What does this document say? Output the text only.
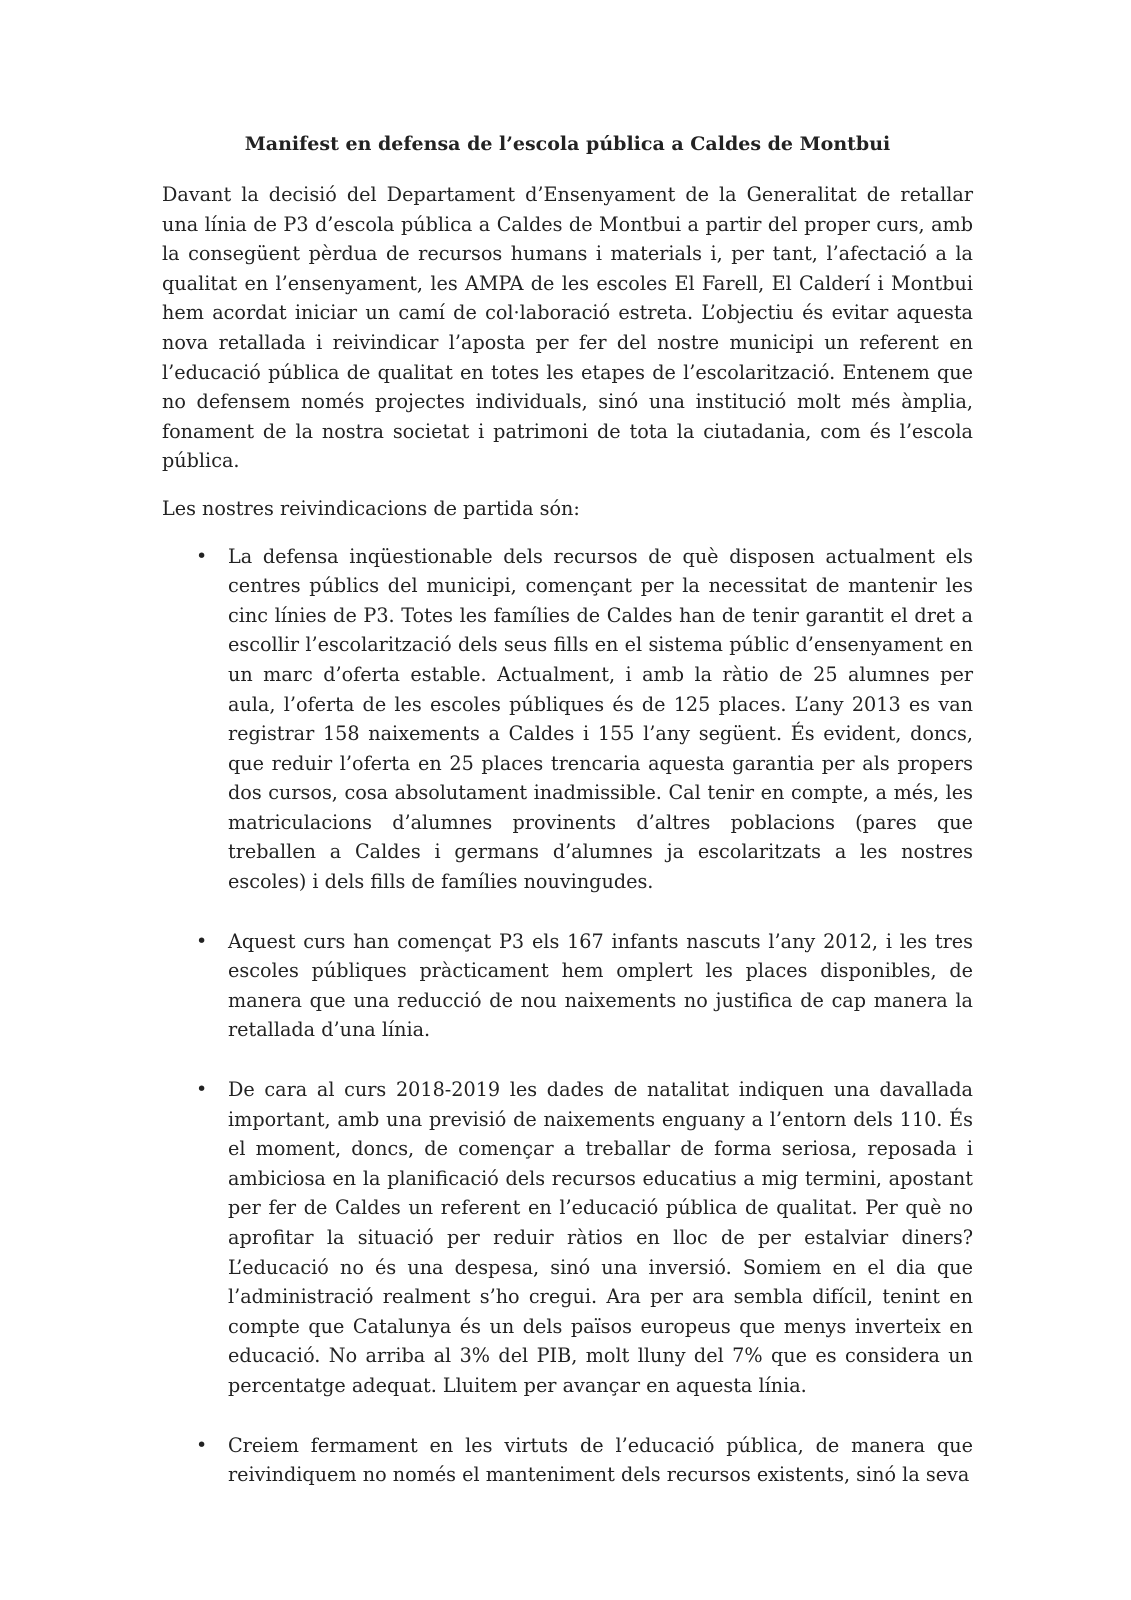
Manifest en defensa de l’escola pública a Caldes de Montbui

Davant la decisió del Departament d’Ensenyament de la Generalitat de retallar una línia de P3 d’escola pública a Caldes de Montbui a partir del proper curs, amb la consegüent pèrdua de recursos humans i materials i, per tant, l’afectació a la qualitat en l’ensenyament, les AMPA de les escoles El Farell, El Calderí i Montbui hem acordat iniciar un camí de col·laboració estreta. L’objectiu és evitar aquesta nova retallada i reivindicar l’aposta per fer del nostre municipi un referent en l’educació pública de qualitat en totes les etapes de l’escolarització. Entenem que no defensem només projectes individuals, sinó una institució molt més àmplia, fonament de la nostra societat i patrimoni de tota la ciutadania, com és l’escola pública.

Les nostres reivindicacions de partida són:

• La defensa inqüestionable dels recursos de què disposen actualment els centres públics del municipi, començant per la necessitat de mantenir les cinc línies de P3. Totes les famílies de Caldes han de tenir garantit el dret a escollir l’escolarització dels seus fills en el sistema públic d’ensenyament en un marc d’oferta estable. Actualment, i amb la ràtio de 25 alumnes per aula, l’oferta de les escoles públiques és de 125 places. L’any 2013 es van registrar 158 naixements a Caldes i 155 l’any següent. És evident, doncs, que reduir l’oferta en 25 places trencaria aquesta garantia per als propers dos cursos, cosa absolutament inadmissible. Cal tenir en compte, a més, les matriculacions d’alumnes provinents d’altres poblacions (pares que treballen a Caldes i germans d’alumnes ja escolaritzats a les nostres escoles) i dels fills de famílies nouvingudes.
• Aquest curs han començat P3 els 167 infants nascuts l’any 2012, i les tres escoles públiques pràcticament hem omplert les places disponibles, de manera que una reducció de nou naixements no justifica de cap manera la retallada d’una línia.
• De cara al curs 2018-2019 les dades de natalitat indiquen una davallada important, amb una previsió de naixements enguany a l’entorn dels 110. És el moment, doncs, de començar a treballar de forma seriosa, reposada i ambiciosa en la planificació dels recursos educatius a mig termini, apostant per fer de Caldes un referent en l’educació pública de qualitat. Per què no aprofitar la situació per reduir ràtios en lloc de per estalviar diners? L’educació no és una despesa, sinó una inversió. Somiem en el dia que l’administració realment s’ho cregui. Ara per ara sembla difícil, tenint en compte que Catalunya és un dels països europeus que menys inverteix en educació. No arriba al 3% del PIB, molt lluny del 7% que es considera un percentatge adequat. Lluitem per avançar en aquesta línia.
• Creiem fermament en les virtuts de l’educació pública, de manera que reivindiquem no només el manteniment dels recursos existents, sinó la seva
